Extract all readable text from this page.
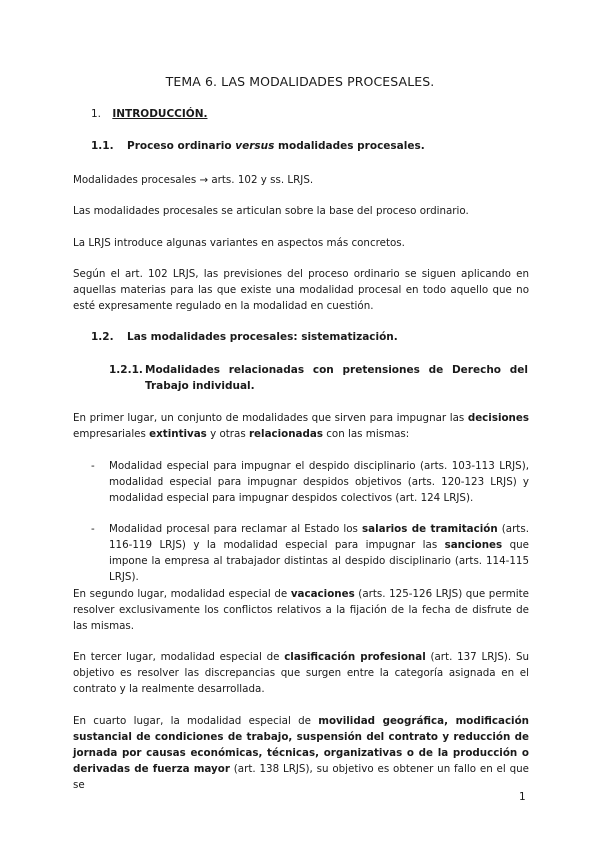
TEMA 6. LAS MODALIDADES PROCESALES.
1. INTRODUCCIÓN.
1.1. Proceso ordinario versus modalidades procesales.

Modalidades procesales → arts. 102 y ss. LRJS.

Las modalidades procesales se articulan sobre la base del proceso ordinario.

La LRJS introduce algunas variantes en aspectos más concretos.

Según el art. 102 LRJS, las previsiones del proceso ordinario se siguen aplicando en aquellas materias para las que existe una modalidad procesal en todo aquello que no esté expresamente regulado en la modalidad en cuestión.

1.2. Las modalidades procesales: sistematización.
1.2.1. Modalidades relacionadas con pretensiones de Derecho del Trabajo individual.

En primer lugar, un conjunto de modalidades que sirven para impugnar las decisiones empresariales extintivas y otras relacionadas con las mismas:

-	Modalidad especial para impugnar el despido disciplinario (arts. 103-113 LRJS), modalidad especial para impugnar despidos objetivos (arts. 120-123 LRJS) y modalidad especial para impugnar despidos colectivos (art. 124 LRJS).
-	Modalidad procesal para reclamar al Estado los salarios de tramitación (arts. 116-119 LRJS) y la modalidad especial para impugnar las sanciones que impone la empresa al trabajador distintas al despido disciplinario (arts. 114-115 LRJS).

En segundo lugar, modalidad especial de vacaciones (arts. 125-126 LRJS) que permite resolver exclusivamente los conflictos relativos a la fijación de la fecha de disfrute de las mismas.

En tercer lugar, modalidad especial de clasificación profesional (art. 137 LRJS). Su objetivo es resolver las discrepancias que surgen entre la categoría asignada en el contrato y la realmente desarrollada.

En cuarto lugar, la modalidad especial de movilidad geográfica, modificación sustancial de condiciones de trabajo, suspensión del contrato y reducción de jornada por causas económicas, técnicas, organizativas o de la producción o derivadas de fuerza mayor (art. 138 LRJS), su objetivo es obtener un fallo en el que se

1
